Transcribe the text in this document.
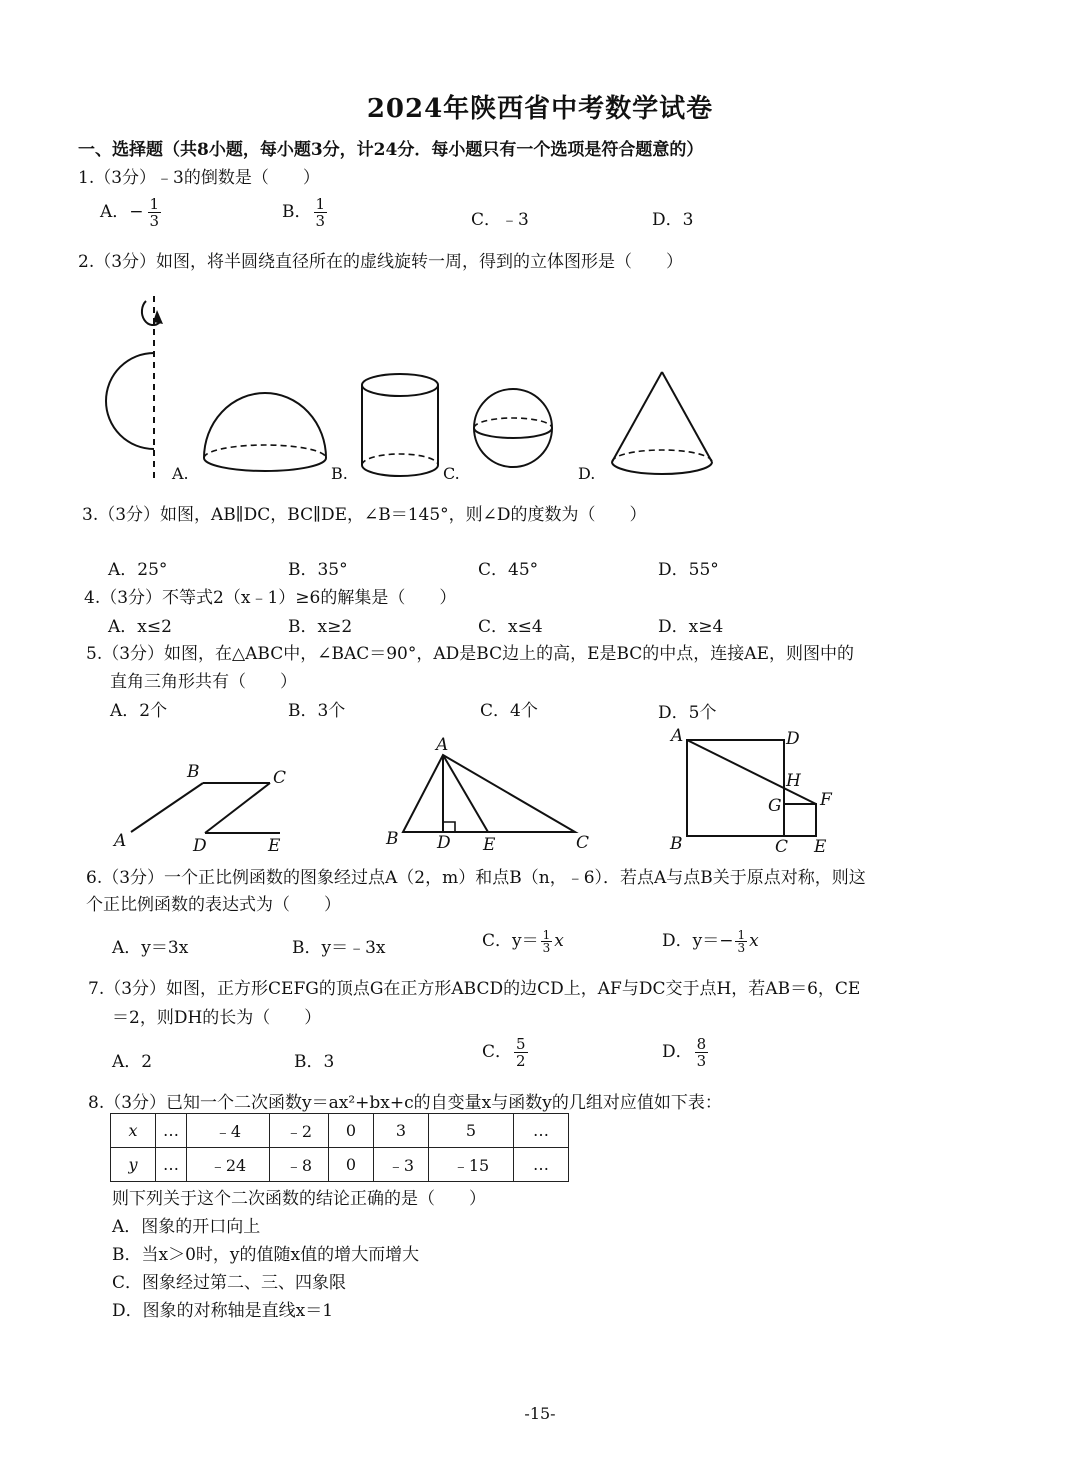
2024年陕西省中考数学试卷
一、选择题（共8小题，每小题3分，计24分．每小题只有一个选项是符合题意的）
1.（3分）﹣3的倒数是（　　）
A．− $\frac{1}{3}$	B． $\frac{1}{3}$	C．﹣3	D．3
2.（3分）如图，将半圆绕直径所在的虚线旋转一周，得到的立体图形是（　　）
A.	B.	C.	D.
3.（3分）如图，AB∥DC，BC∥DE，∠B＝145°，则∠D的度数为（　　）
A．25°	B．35°	C．45°	D．55°
4.（3分）不等式2（x﹣1）≥6的解集是（　　）
A．x≤2	B．x≥2	C．x≤4	D．x≥4
5.（3分）如图，在△ABC中，∠BAC＝90°，AD是BC边上的高，E是BC的中点，连接AE，则图中的
直角三角形共有（　　）
A．2个	B．3个	C．4个	D．5个
A
B	C
D	E
A
B	C
D E
A
B	C
D
E
F
G
H
6.（3分）一个正比例函数的图象经过点A（2，m）和点B（n，﹣6）．若点A与点B关于原点对称，则这
个正比例函数的表达式为（　　）
A．y＝3x	B．y＝﹣3x	C．$y= \frac{1}{3}$ x	D．$y=- \frac{1}{3}$ x
7.（3分）如图，正方形CEFG的顶点G在正方形ABCD的边CD上，AF与DC交于点H，若AB＝6，CE
＝2，则DH的长为（　　）
A．2	B．3	C． $\frac{5}{2}$	D． $\frac{8}{3}$
8.（3分）已知一个二次函数y＝ax²+bx+c的自变量x与函数y的几组对应值如下表：
x	…	﹣4	﹣2	0	3	5	…
y	…	﹣24	﹣8	0	﹣3	﹣15	…
则下列关于这个二次函数的结论正确的是（　　）
A．图象的开口向上
B．当x＞0时，y的值随x值的增大而增大
C．图象经过第二、三、四象限
D．图象的对称轴是直线x＝1
-15-
